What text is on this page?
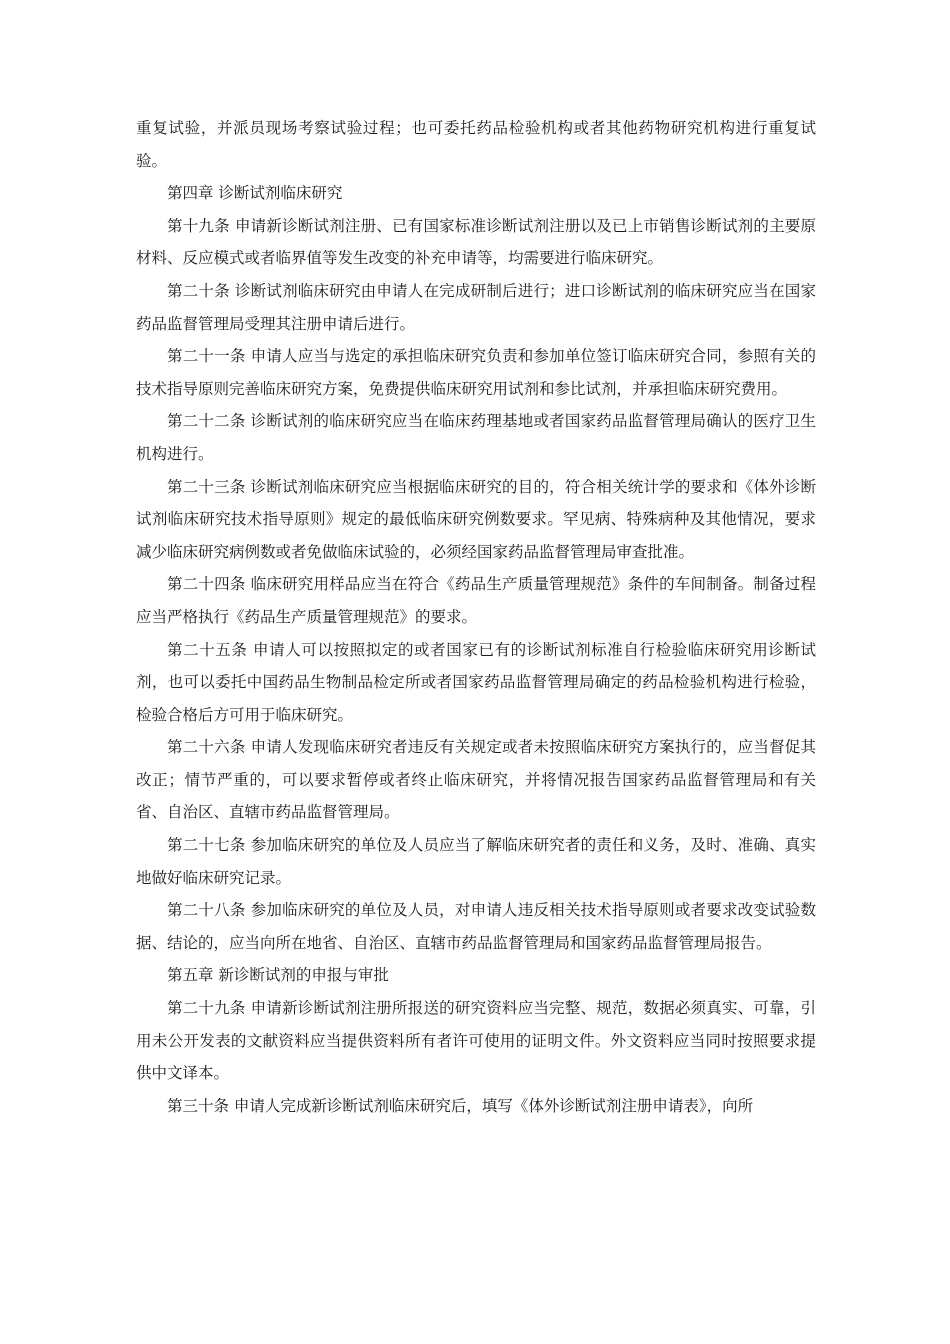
重复试验，并派员现场考察试验过程；也可委托药品检验机构或者其他药物研究机构进行重复试验。

第四章 诊断试剂临床研究

第十九条 申请新诊断试剂注册、已有国家标准诊断试剂注册以及已上市销售诊断试剂的主要原材料、反应模式或者临界值等发生改变的补充申请等，均需要进行临床研究。

第二十条 诊断试剂临床研究由申请人在完成研制后进行；进口诊断试剂的临床研究应当在国家药品监督管理局受理其注册申请后进行。

第二十一条 申请人应当与选定的承担临床研究负责和参加单位签订临床研究合同，参照有关的技术指导原则完善临床研究方案，免费提供临床研究用试剂和参比试剂，并承担临床研究费用。

第二十二条 诊断试剂的临床研究应当在临床药理基地或者国家药品监督管理局确认的医疗卫生机构进行。

第二十三条 诊断试剂临床研究应当根据临床研究的目的，符合相关统计学的要求和《体外诊断试剂临床研究技术指导原则》规定的最低临床研究例数要求。罕见病、特殊病种及其他情况，要求减少临床研究病例数或者免做临床试验的，必须经国家药品监督管理局审查批准。

第二十四条 临床研究用样品应当在符合《药品生产质量管理规范》条件的车间制备。制备过程应当严格执行《药品生产质量管理规范》的要求。

第二十五条 申请人可以按照拟定的或者国家已有的诊断试剂标准自行检验临床研究用诊断试剂，也可以委托中国药品生物制品检定所或者国家药品监督管理局确定的药品检验机构进行检验，检验合格后方可用于临床研究。

第二十六条 申请人发现临床研究者违反有关规定或者未按照临床研究方案执行的，应当督促其改正；情节严重的，可以要求暂停或者终止临床研究，并将情况报告国家药品监督管理局和有关省、自治区、直辖市药品监督管理局。

第二十七条 参加临床研究的单位及人员应当了解临床研究者的责任和义务，及时、准确、真实地做好临床研究记录。

第二十八条 参加临床研究的单位及人员，对申请人违反相关技术指导原则或者要求改变试验数据、结论的，应当向所在地省、自治区、直辖市药品监督管理局和国家药品监督管理局报告。

第五章 新诊断试剂的申报与审批

第二十九条 申请新诊断试剂注册所报送的研究资料应当完整、规范，数据必须真实、可靠，引用未公开发表的文献资料应当提供资料所有者许可使用的证明文件。外文资料应当同时按照要求提供中文译本。

第三十条 申请人完成新诊断试剂临床研究后，填写《体外诊断试剂注册申请表》，向所
